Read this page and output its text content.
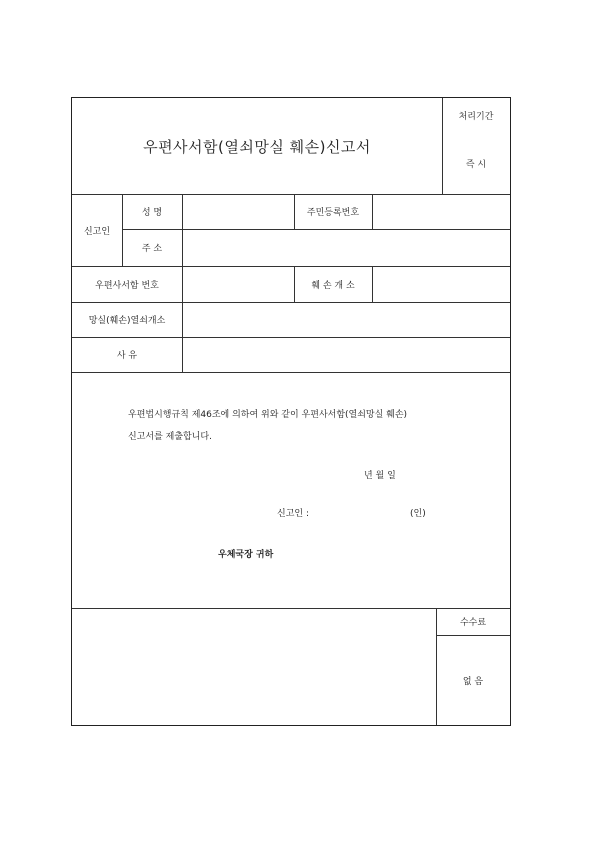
우편사서함(열쇠망실 훼손)신고서
처리기간
즉 시
신고인
성 명	주민등록번호
주 소
우편사서함 번호	훼 손 개 소
망실(훼손)열쇠개소
사 유
우편법시행규칙 제46조에 의하여 위와 같이 우편사서함(열쇠망실 훼손)
신고서를 제출합니다.
년 월 일
신고인 :	(인)
우체국장 귀하
수수료
없 음
